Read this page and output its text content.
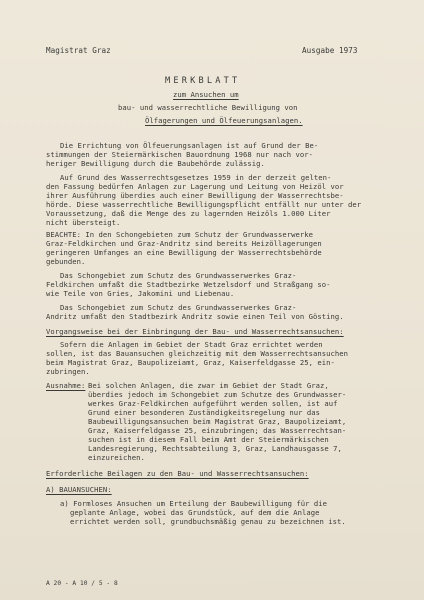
Magistrat Graz	Ausgabe 1973
MERKBLATT
zum Ansuchen um
bau- und wasserrechtliche Bewilligung von
Ölfagerungen und Ölfeuerungsanlagen.
Die Errichtung von Ölfeuerungsanlagen ist auf Grund der Be-
stimmungen der Steiermärkischen Bauordnung 1968 nur nach vor-
heriger Bewilligung durch die Baubehörde zulässig.
Auf Grund des Wasserrechtsgesetzes 1959 in der derzeit gelten-
den Fassung bedürfen Anlagen zur Lagerung und Leitung von Heizöl vor
ihrer Ausführung überdies auch einer Bewilligung der Wasserrechtsbe-
hörde. Diese wasserrechtliche Bewilligungspflicht entfällt nur unter der
Voraussetzung, daß die Menge des zu lagernden Heizöls 1.000 Liter
nicht übersteigt.
BEACHTE: In den Schongebieten zum Schutz der Grundwasserwerke
Graz-Feldkirchen und Graz-Andritz sind bereits Heizöllagerungen
geringeren Umfanges an eine Bewilligung der Wasserrechtsbehörde
gebunden.
Das Schongebiet zum Schutz des Grundwasserwerkes Graz-
Feldkirchen umfaßt die Stadtbezirke Wetzelsdorf und Straßgang so-
wie Teile von Gries, Jakomini und Liebenau.
Das Schongebiet zum Schutz des Grundwasserwerkes Graz-
Andritz umfaßt den Stadtbezirk Andritz sowie einen Teil von Gösting.
Vorgangsweise bei der Einbringung der Bau- und Wasserrechtsansuchen:
Sofern die Anlagen im Gebiet der Stadt Graz errichtet werden
sollen, ist das Bauansuchen gleichzeitig mit dem Wasserrechtsansuchen
beim Magistrat Graz, Baupolizeiamt, Graz, Kaiserfeldgasse 25, ein-
zubringen.
Ausnahme: Bei solchen Anlagen, die zwar im Gebiet der Stadt Graz,
überdies jedoch im Schongebiet zum Schutze des Grundwasser-
werkes Graz-Feldkirchen aufgeführt werden sollen, ist auf
Grund einer besonderen Zuständigkeitsregelung nur das
Baubewilligungsansuchen beim Magistrat Graz, Baupolizeiamt,
Graz, Kaiserfeldgasse 25, einzubringen; das Wasserrechtsan-
suchen ist in diesem Fall beim Amt der Steiermärkischen
Landesregierung, Rechtsabteilung 3, Graz, Landhausgasse 7,
einzureichen.
Erforderliche Beilagen zu den Bau- und Wasserrechtsansuchen:
A) BAUANSUCHEN:
a) Formloses Ansuchen um Erteilung der Baubewilligung für die
geplante Anlage, wobei das Grundstück, auf dem die Anlage
errichtet werden soll, grundbuchsmäßig genau zu bezeichnen ist.
A 20 - A 10 / 5 - 8
